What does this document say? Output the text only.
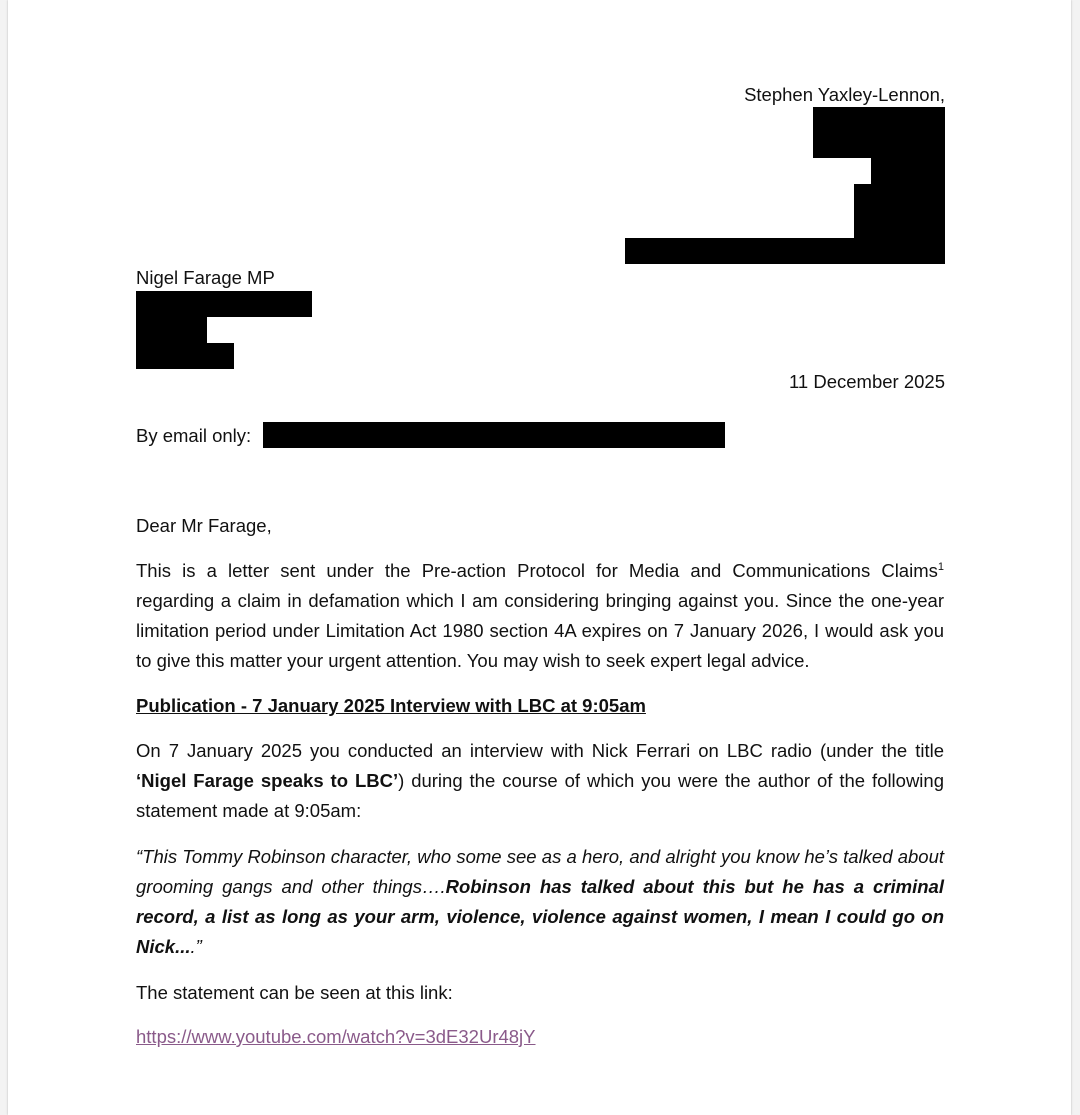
Stephen Yaxley-Lennon,
Nigel Farage MP
11 December 2025
By email only:
Dear Mr Farage,
This is a letter sent under the Pre-action Protocol for Media and Communications Claims$^1$ regarding a claim in defamation which I am considering bringing against you. Since the one-year limitation period under Limitation Act 1980 section 4A expires on 7 January 2026, I would ask you to give this matter your urgent attention. You may wish to seek expert legal advice.
Publication - 7 January 2025 Interview with LBC at 9:05am
On 7 January 2025 you conducted an interview with Nick Ferrari on LBC radio (under the title ‘Nigel Farage speaks to LBC’) during the course of which you were the author of the following statement made at 9:05am:
“This Tommy Robinson character, who some see as a hero, and alright you know he’s talked about grooming gangs and other things….Robinson has talked about this but he has a criminal record, a list as long as your arm, violence, violence against women, I mean I could go on Nick....”
The statement can be seen at this link:
https://www.youtube.com/watch?v=3dE32Ur48jY
